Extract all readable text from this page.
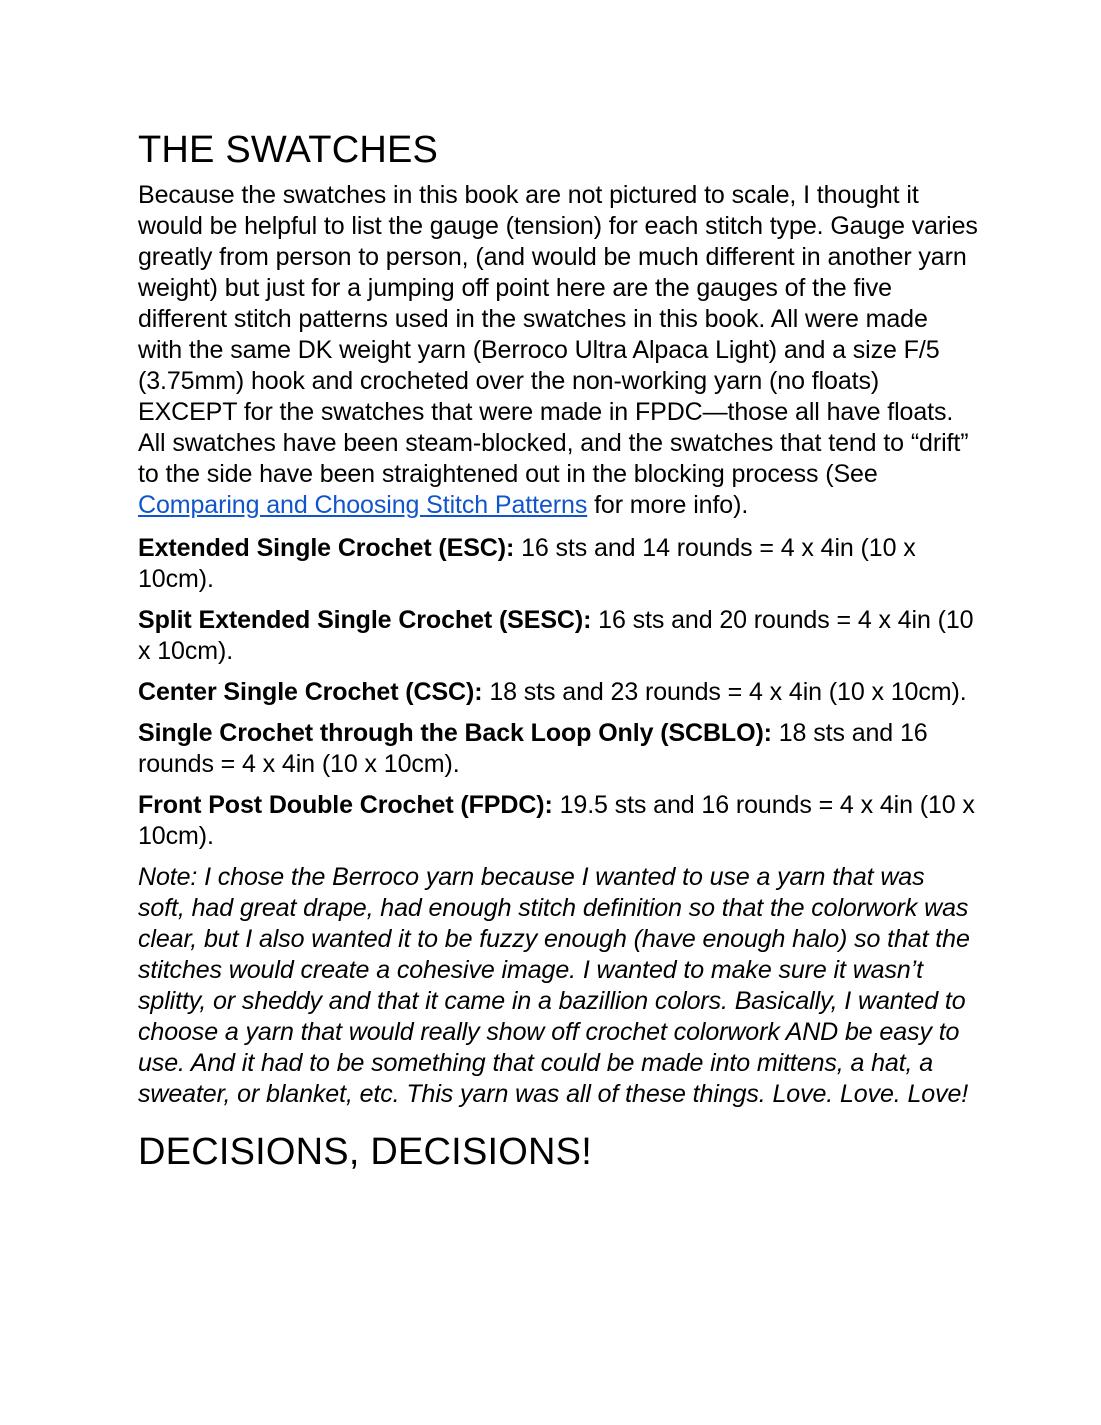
THE SWATCHES

Because the swatches in this book are not pictured to scale, I thought it would be helpful to list the gauge (tension) for each stitch type. Gauge varies greatly from person to person, (and would be much different in another yarn weight) but just for a jumping off point here are the gauges of the five different stitch patterns used in the swatches in this book. All were made with the same DK weight yarn (Berroco Ultra Alpaca Light) and a size F/5 (3.75mm) hook and crocheted over the non-working yarn (no floats) EXCEPT for the swatches that were made in FPDC—those all have floats. All swatches have been steam-blocked, and the swatches that tend to “drift” to the side have been straightened out in the blocking process (See Comparing and Choosing Stitch Patterns for more info).

Extended Single Crochet (ESC): 16 sts and 14 rounds = 4 x 4in (10 x 10cm).

Split Extended Single Crochet (SESC): 16 sts and 20 rounds = 4 x 4in (10 x 10cm).

Center Single Crochet (CSC): 18 sts and 23 rounds = 4 x 4in (10 x 10cm).

Single Crochet through the Back Loop Only (SCBLO): 18 sts and 16 rounds = 4 x 4in (10 x 10cm).

Front Post Double Crochet (FPDC): 19.5 sts and 16 rounds = 4 x 4in (10 x 10cm).

Note: I chose the Berroco yarn because I wanted to use a yarn that was soft, had great drape, had enough stitch definition so that the colorwork was clear, but I also wanted it to be fuzzy enough (have enough halo) so that the stitches would create a cohesive image. I wanted to make sure it wasn’t splitty, or sheddy and that it came in a bazillion colors. Basically, I wanted to choose a yarn that would really show off crochet colorwork AND be easy to use. And it had to be something that could be made into mittens, a hat, a sweater, or blanket, etc. This yarn was all of these things. Love. Love. Love!

DECISIONS, DECISIONS!
